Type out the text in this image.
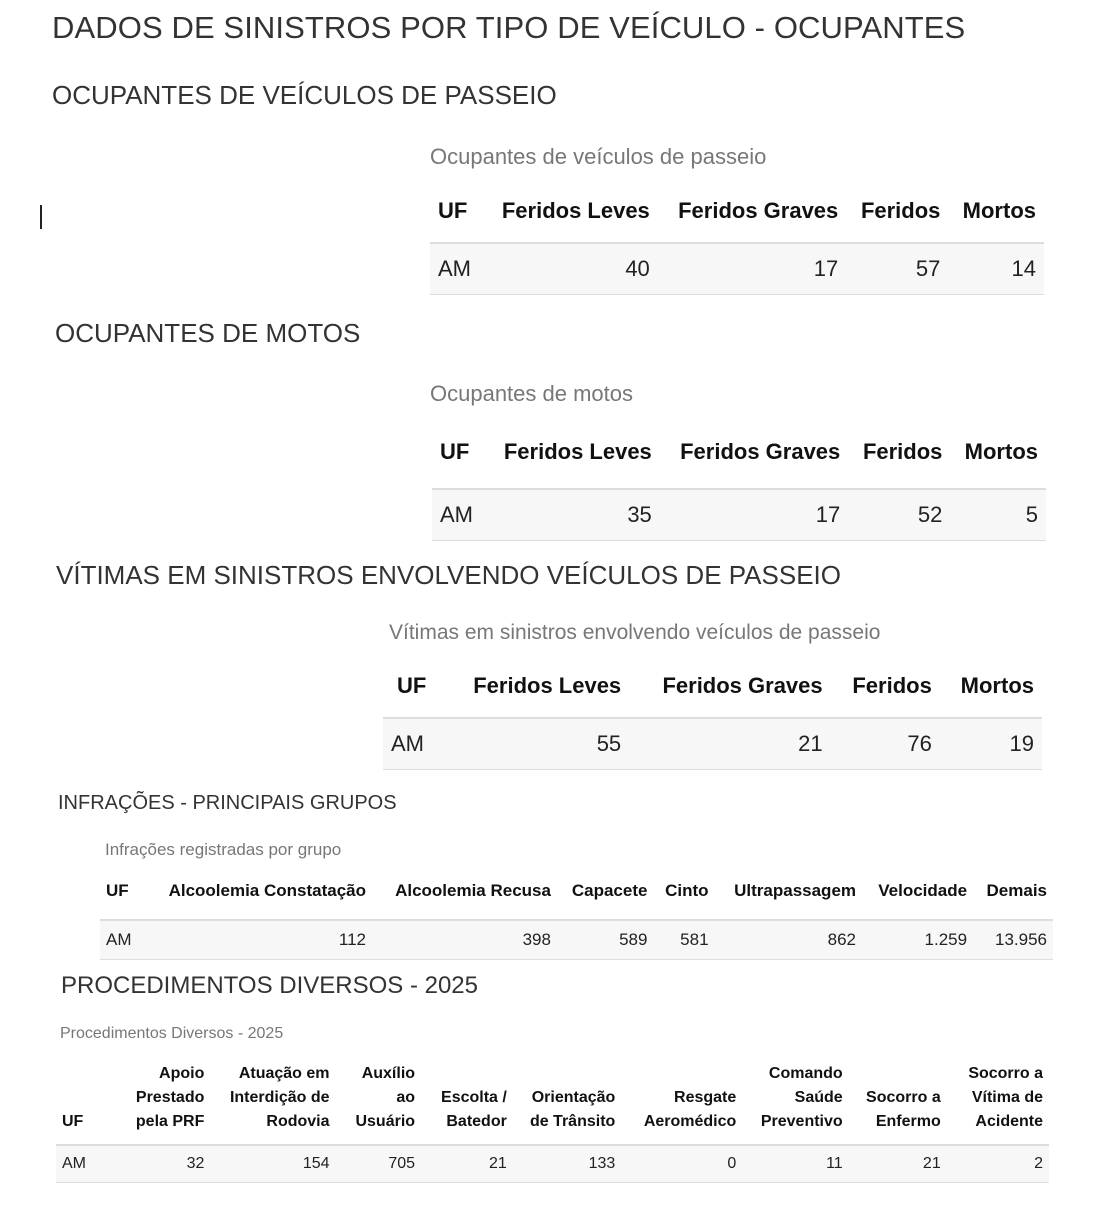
DADOS DE SINISTROS POR TIPO DE VEÍCULO - OCUPANTES
OCUPANTES DE VEÍCULOS DE PASSEIO
Ocupantes de veículos de passeio
UF	Feridos Leves	Feridos Graves	Feridos	Mortos
AM	40	17	57	14
OCUPANTES DE MOTOS
Ocupantes de motos
UF	Feridos Leves	Feridos Graves	Feridos	Mortos
AM	35	17	52	5
VÍTIMAS EM SINISTROS ENVOLVENDO VEÍCULOS DE PASSEIO
Vítimas em sinistros envolvendo veículos de passeio
UF	Feridos Leves	Feridos Graves	Feridos	Mortos
AM	55	21	76	19
INFRAÇÕES - PRINCIPAIS GRUPOS
Infrações registradas por grupo
UF	Alcoolemia Constatação	Alcoolemia Recusa	Capacete	Cinto	Ultrapassagem	Velocidade	Demais
AM	112	398	589	581	862	1.259	13.956
PROCEDIMENTOS DIVERSOS - 2025
Procedimentos Diversos - 2025
UF	Apoio Prestado pela PRF	Atuação em Interdição de Rodovia	Auxílio ao Usuário	Escolta / Batedor	Orientação de Trânsito	Resgate Aeromédico	Comando Saúde Preventivo	Socorro a Enfermo	Socorro a Vítima de Acidente
AM	32	154	705	21	133	0	11	21	2
